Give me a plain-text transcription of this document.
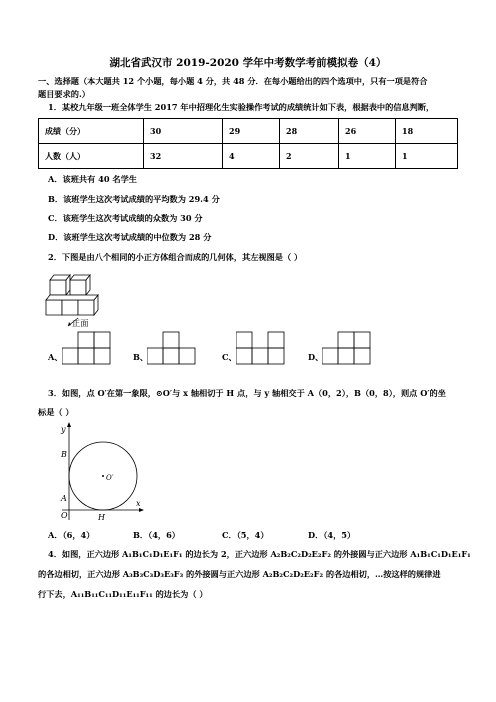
湖北省武汉市 2019-2020 学年中考数学考前模拟卷（4）
一、选择题（本大题共 12 个小题，每小题 4 分，共 48 分．在每小题给出的四个选项中，只有一项是符合
题目要求的.）
1．某校九年级一班全体学生 2017 年中招理化生实验操作考试的成绩统计如下表，根据表中的信息判断，
成绩（分）	30	29	28	26	18
人数（人）	32	4	2	1	1
A．该班共有 40 名学生
B．该班学生这次考试成绩的平均数为 29.4 分
C．该班学生这次考试成绩的众数为 30 分
D．该班学生这次考试成绩的中位数为 28 分
2．下图是由八个相同的小正方体组合而成的几何体，其左视图是（ ）
正面
A、	B、	C、	D、
3．如图，点 O′在第一象限，⊙O′与 x 轴相切于 H 点，与 y 轴相交于 A（0，2），B（0，8），则点 O′的坐
标是（ ）
y
x
B
A
O	H
O′
A．（6，4）	B．（4，6）	C．（5，4）	D．（4，5）
4．如图，正六边形 A₁B₁C₁D₁E₁F₁ 的边长为 2，正六边形 A₂B₂C₂D₂E₂F₂ 的外接圆与正六边形 A₁B₁C₁D₁E₁F₁
的各边相切，正六边形 A₃B₃C₃D₃E₃F₃ 的外接圆与正六边形 A₂B₂C₂D₂E₂F₂ 的各边相切，…按这样的规律进
行下去，A₁₁B₁₁C₁₁D₁₁E₁₁F₁₁ 的边长为（ ）
